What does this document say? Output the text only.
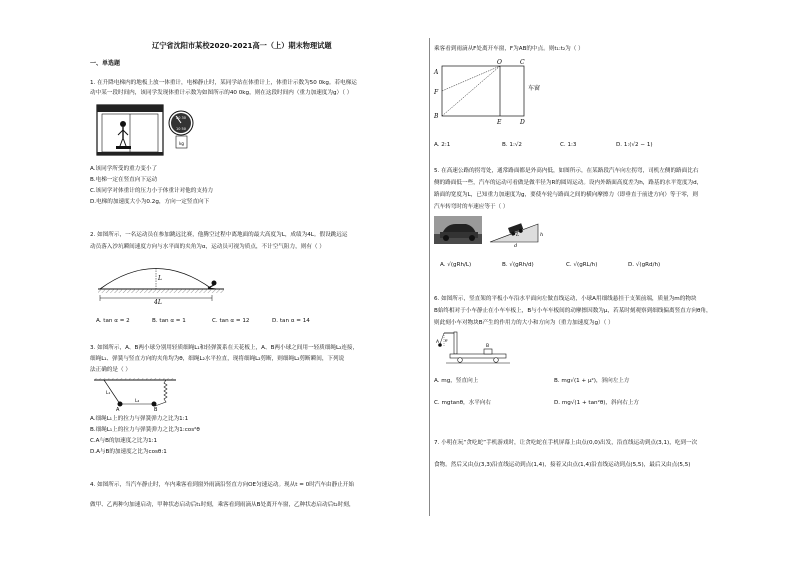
辽宁省沈阳市某校2020-2021高一（上）期末物理试题
一、单选题
1. 在升降电梯内的地板上放一体重计，电梯静止时，某同学站在体重计上，体重计示数为50 0kg。若电梯运
动中某一段时间内，该同学发现体重计示数为如图所示的40 0kg，则在这段时间内（重力加速度为g）（ ）
20 30
10 50
kg
A.该同学所受的重力变小了
B.电梯一定在竖直向下运动
C.该同学对体重计的压力小于体重计对他的支持力
D.电梯的加速度大小为0.2g，方向一定竖直向下
2. 如图所示，一名运动员在参加跳远比赛，他腾空过程中离地面的最大高度为L，成绩为4L。假设跳远运
动员落入沙坑瞬间速度方向与水平面的夹角为α，运动员可视为质点，不计空气阻力，则有（ ）
L
4L
A. tan α = 2	B. tan α = 1	C. tan α = 12	D. tan α = 14
3. 如图所示，A、B两小球分别用轻质细绳L₁和轻弹簧系在天花板上，A、B两小球之间用一轻质细绳L₂连接，
细绳L₁、弹簧与竖直方向的夹角均为θ，细绳L₂水平拉直，现将细绳L₂剪断，则细绳L₂剪断瞬间，下列说
法正确的是（ ）
A	B
L₁
L₂
A.细绳L₁上的拉力与弹簧弹力之比为1:1
B.细绳L₁上的拉力与弹簧弹力之比为1:cos²θ
C.A与B的加速度之比为1:1
D.A与B的加速度之比为cosθ:1
4. 如图所示，当汽车静止时，车内乘客看到窗外雨滴沿竖直方向OE匀速运动。现从t = 0时汽车由静止开始
做甲、乙两种匀加速启动，甲种状态启动后t₁时刻，乘客看到雨滴从B处离开车窗，乙种状态启动后t₂时刻，
乘客看到雨滴从F处离开车窗，F为AB的中点。则t₁:t₂为（ ）
A
O	C
F
B
E	D
车窗
A. 2:1	B. 1:√2	C. 1:3	D. 1:(√2 − 1)
5. 在高速公路的拐弯处，通常路面都是外高内低，如图所示，在某路段汽车向左拐弯，司机左侧的路面比右
侧的路面低一些，汽车的运动可看做是做半径为R的圆周运动。设内外路面高度差为h，路基的水平宽度为d，
路面的宽度为L，已知重力加速度为g，要使车轮与路面之间的横向摩擦力（即垂直于前进方向）等于零，则
汽车转弯时的车速应等于（ ）
h
L
d
A. √(gRh/L)	B. √(gRh/d)	C. √(gRL/h)	D. √(gRd/h)
6. 如图所示，竖直架的平板小车沿水平面向左做直线运动，小球A用细线悬挂于支架前端，质量为m的物块
B始终相对于小车静止在小车车板上，B与小车车板间的动摩擦因数为μ，若某时刻观察到细线偏离竖直方向θ角，
则此刻小车对物块B产生的作用力的大小和方向为（重力加速度为g）（ ）
A θ
B
A. mg，竖直向上	B. mg√(1 + μ²)，斜向左上方
C. mgtanθ，水平向右	D. mg√(1 + tan²θ)，斜向右上方
7. 小明在玩“贪吃蛇”手机游戏时，让贪吃蛇在手机屏幕上由点(0,0)出发，沿直线运动到点(3,1)，吃到一次
食物。然后又由点(3,3)沿直线运动到点(1,4)，接着又由点(1,4)沿直线运动到点(5,5)，最后又由点(5,5)
